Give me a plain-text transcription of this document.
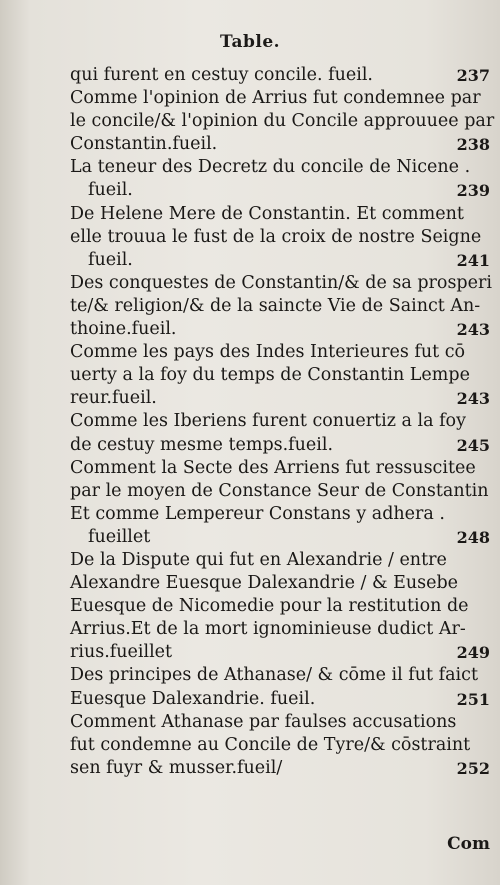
Table.
qui furent en cestuy concile. fueil.	237
Comme l'opinion de Arrius fut condemnee par
le concile/& l'opinion du Concile approuuee par
Constantin.fueil.	238
La teneur des Decretz du concile de Nicene .
fueil.	239
De Helene Mere de Constantin. Et comment
elle trouua le fust de la croix de nostre Seigne
fueil.	241
Des conquestes de Constantin/& de sa prosperi
te/& religion/& de la saincte Vie de Sainct An-
thoine.fueil.	243
Comme les pays des Indes Interieures fut cō
uerty a la foy du temps de Constantin Lempe
reur.fueil.	243
Comme les Iberiens furent conuertiz a la foy
de cestuy mesme temps.fueil.	245
Comment la Secte des Arriens fut ressuscitee
par le moyen de Constance Seur de Constantin
Et comme Lempereur Constans y adhera .
fueillet	248
De la Dispute qui fut en Alexandrie / entre
Alexandre Euesque Dalexandrie / & Eusebe
Euesque de Nicomedie pour la restitution de
Arrius.Et de la mort ignominieuse dudict Ar-
rius.fueillet	249
Des principes de Athanase/ & cōme il fut faict
Euesque Dalexandrie. fueil.	251
Comment Athanase par faulses accusations
fut condemne au Concile de Tyre/& cōstraint
sen fuyr & musser.fueil/	252
Com
